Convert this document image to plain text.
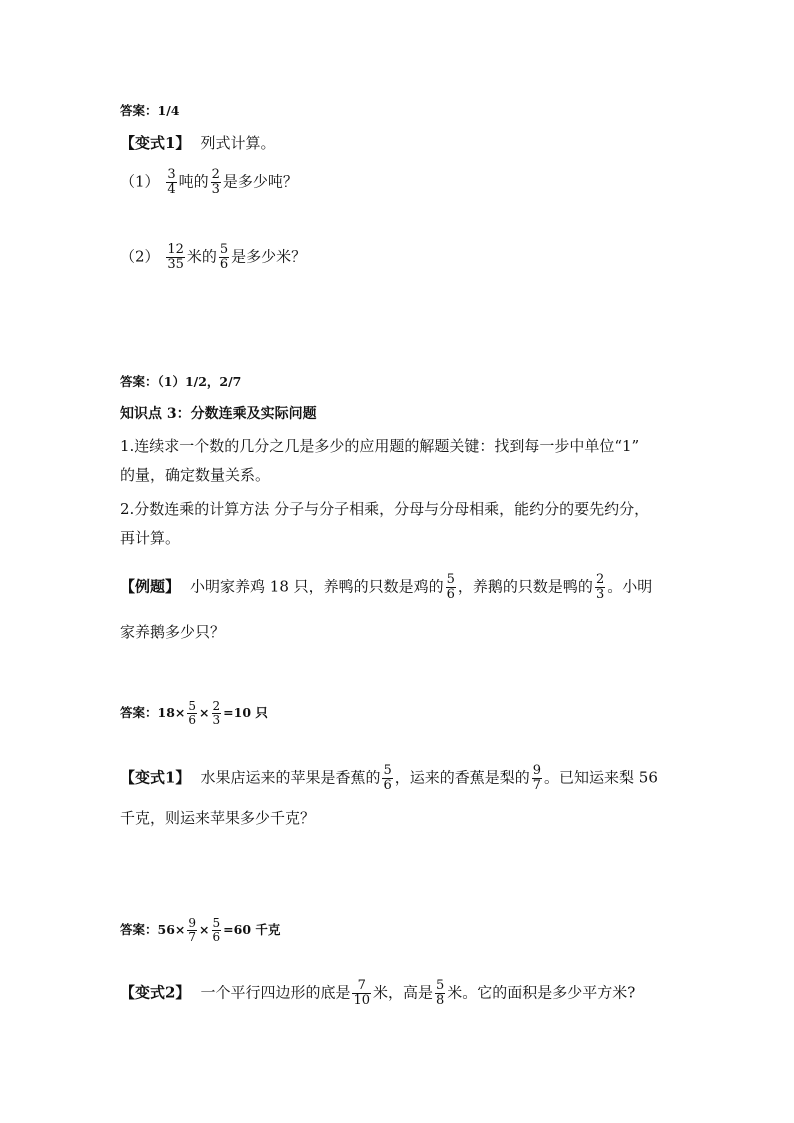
答案：1/4
【变式1】 列式计算。
$(1) \frac{3}{4}$ 吨的 $\frac{2}{3}$ 是多少吨？
$(2) \frac{12}{35}$ 米的 $\frac{5}{6}$ 是多少米？
答案：（1）1/2，2/7
知识点 3：分数连乘及实际问题
1.连续求一个数的几分之几是多少的应用题的解题关键：找到每一步中单位“1”
的量，确定数量关系。
2.分数连乘的计算方法 分子与分子相乘，分母与分母相乘，能约分的要先约分，
再计算。
【例题】 小明家养鸡 18 只，养鸭的只数是鸡的 $\frac{5}{6}$ ，养鹅的只数是鸭的 $\frac{2}{3}$ 。小明
家养鹅多少只？
答案：$18\times \frac{5}{6} \times \frac{2}{3} =10$ 只
【变式1】 水果店运来的苹果是香蕉的 $\frac{5}{6}$ ，运来的香蕉是梨的 $\frac{9}{7}$ 。已知运来梨 56
千克，则运来苹果多少千克？
答案：$56\times \frac{9}{7} \times \frac{5}{6} =60$ 千克
【变式2】 一个平行四边形的底是 $\frac{7}{10}$ 米，高是 $\frac{5}{8}$ 米。它的面积是多少平方米?
